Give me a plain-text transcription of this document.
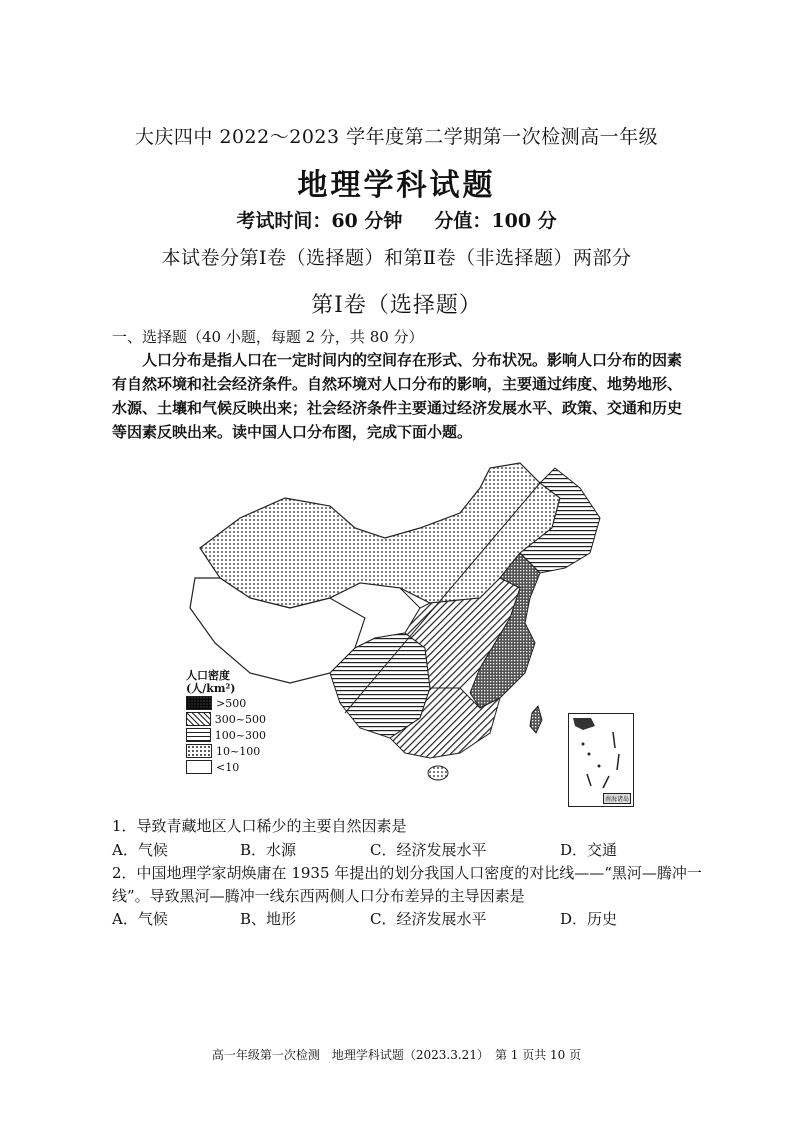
大庆四中 2022～2023 学年度第二学期第一次检测高一年级
地理学科试题
考试时间：60 分钟 分值：100 分
本试卷分第Ⅰ卷（选择题）和第Ⅱ卷（非选择题）两部分
第Ⅰ卷（选择题）
一、选择题（40 小题，每题 2 分，共 80 分）
人口分布是指人口在一定时间内的空间存在形式、分布状况。影响人口分布的因素
有自然环境和社会经济条件。自然环境对人口分布的影响，主要通过纬度、地势地形、
水源、土壤和气候反映出来；社会经济条件主要通过经济发展水平、政策、交通和历史
等因素反映出来。读中国人口分布图，完成下面小题。
人口密度
(人/km²)
>500
300~500
100~300
10~100
<10
南海诸岛
1．导致青藏地区人口稀少的主要自然因素是
A．气候	B．水源	C．经济发展水平	D．交通
2．中国地理学家胡焕庸在 1935 年提出的划分我国人口密度的对比线——“黑河—腾冲一
线”。导致黑河—腾冲一线东西两侧人口分布差异的主导因素是
A．气候	B、地形	C．经济发展水平	D．历史
高一年级第一次检测　地理学科试题（2023.3.21）　第 1 页共 10 页
